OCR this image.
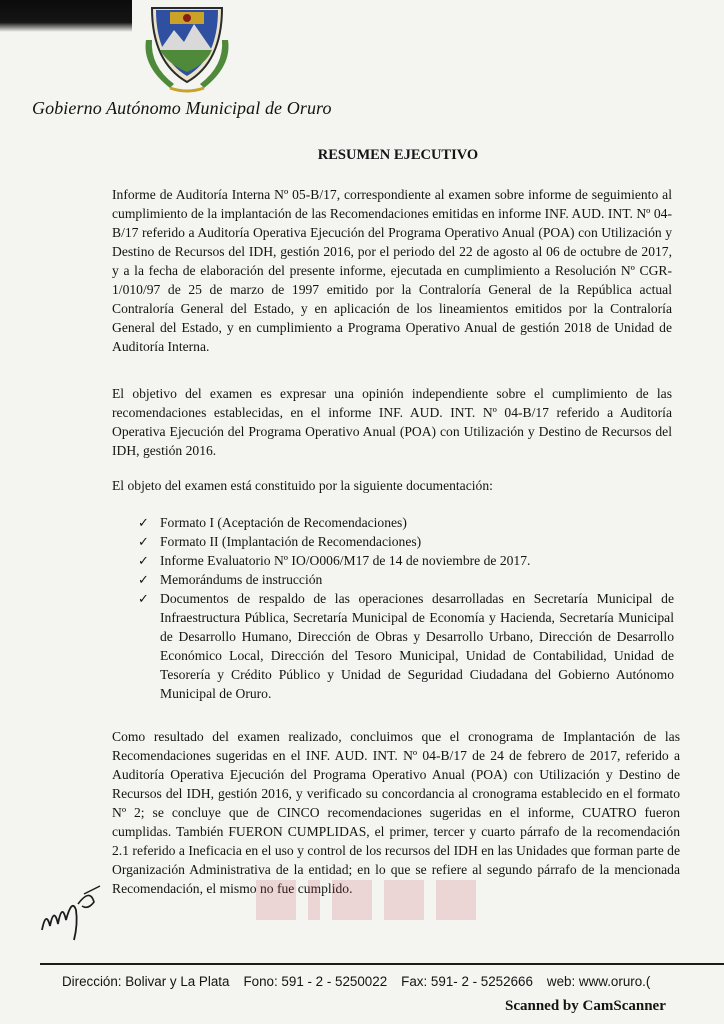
Gobierno Autónomo Municipal de Oruro
RESUMEN EJECUTIVO

Informe de Auditoría Interna Nº 05-B/17, correspondiente al examen sobre informe de seguimiento al cumplimiento de la implantación de las Recomendaciones emitidas en informe INF. AUD. INT. Nº 04-B/17 referido a Auditoría Operativa Ejecución del Programa Operativo Anual (POA) con Utilización y Destino de Recursos del IDH, gestión 2016, por el periodo del 22 de agosto al 06 de octubre de 2017, y a la fecha de elaboración del presente informe, ejecutada en cumplimiento a Resolución Nº CGR-1/010/97 de 25 de marzo de 1997 emitido por la Contraloría General de la República actual Contraloría General del Estado, y en aplicación de los lineamientos emitidos por la Contraloría General del Estado, y en cumplimiento a Programa Operativo Anual de gestión 2018 de Unidad de Auditoría Interna.

El objetivo del examen es expresar una opinión independiente sobre el cumplimiento de las recomendaciones establecidas, en el informe INF. AUD. INT. Nº 04-B/17 referido a Auditoría Operativa Ejecución del Programa Operativo Anual (POA) con Utilización y Destino de Recursos del IDH, gestión 2016.

El objeto del examen está constituido por la siguiente documentación:

✓ Formato I (Aceptación de Recomendaciones)
✓ Formato II (Implantación de Recomendaciones)
✓ Informe Evaluatorio Nº IO/O006/M17 de 14 de noviembre de 2017.
✓ Memorándums de instrucción
✓ Documentos de respaldo de las operaciones desarrolladas en Secretaría Municipal de Infraestructura Pública, Secretaría Municipal de Economía y Hacienda, Secretaría Municipal de Desarrollo Humano, Dirección de Obras y Desarrollo Urbano, Dirección de Desarrollo Económico Local, Dirección del Tesoro Municipal, Unidad de Contabilidad, Unidad de Tesorería y Crédito Público y Unidad de Seguridad Ciudadana del Gobierno Autónomo Municipal de Oruro.

Como resultado del examen realizado, concluimos que el cronograma de Implantación de las Recomendaciones sugeridas en el INF. AUD. INT. Nº 04-B/17 de 24 de febrero de 2017, referido a Auditoría Operativa Ejecución del Programa Operativo Anual (POA) con Utilización y Destino de Recursos del IDH, gestión 2016, y verificado su concordancia al cronograma establecido en el formato Nº 2; se concluye que de CINCO recomendaciones sugeridas en el informe, CUATRO fueron cumplidas. También FUERON CUMPLIDAS, el primer, tercer y cuarto párrafo de la recomendación 2.1 referido a Ineficacia en el uso y control de los recursos del IDH en las Unidades que forman parte de Organización Administrativa de la entidad; en lo que se refiere al segundo párrafo de la mencionada Recomendación, el mismo no fue cumplido.

Dirección: Bolivar y La Plata Fono: 591 - 2 - 5250022 Fax: 591- 2 - 5252666 web: www.oruro.(
Scanned by CamScanner
